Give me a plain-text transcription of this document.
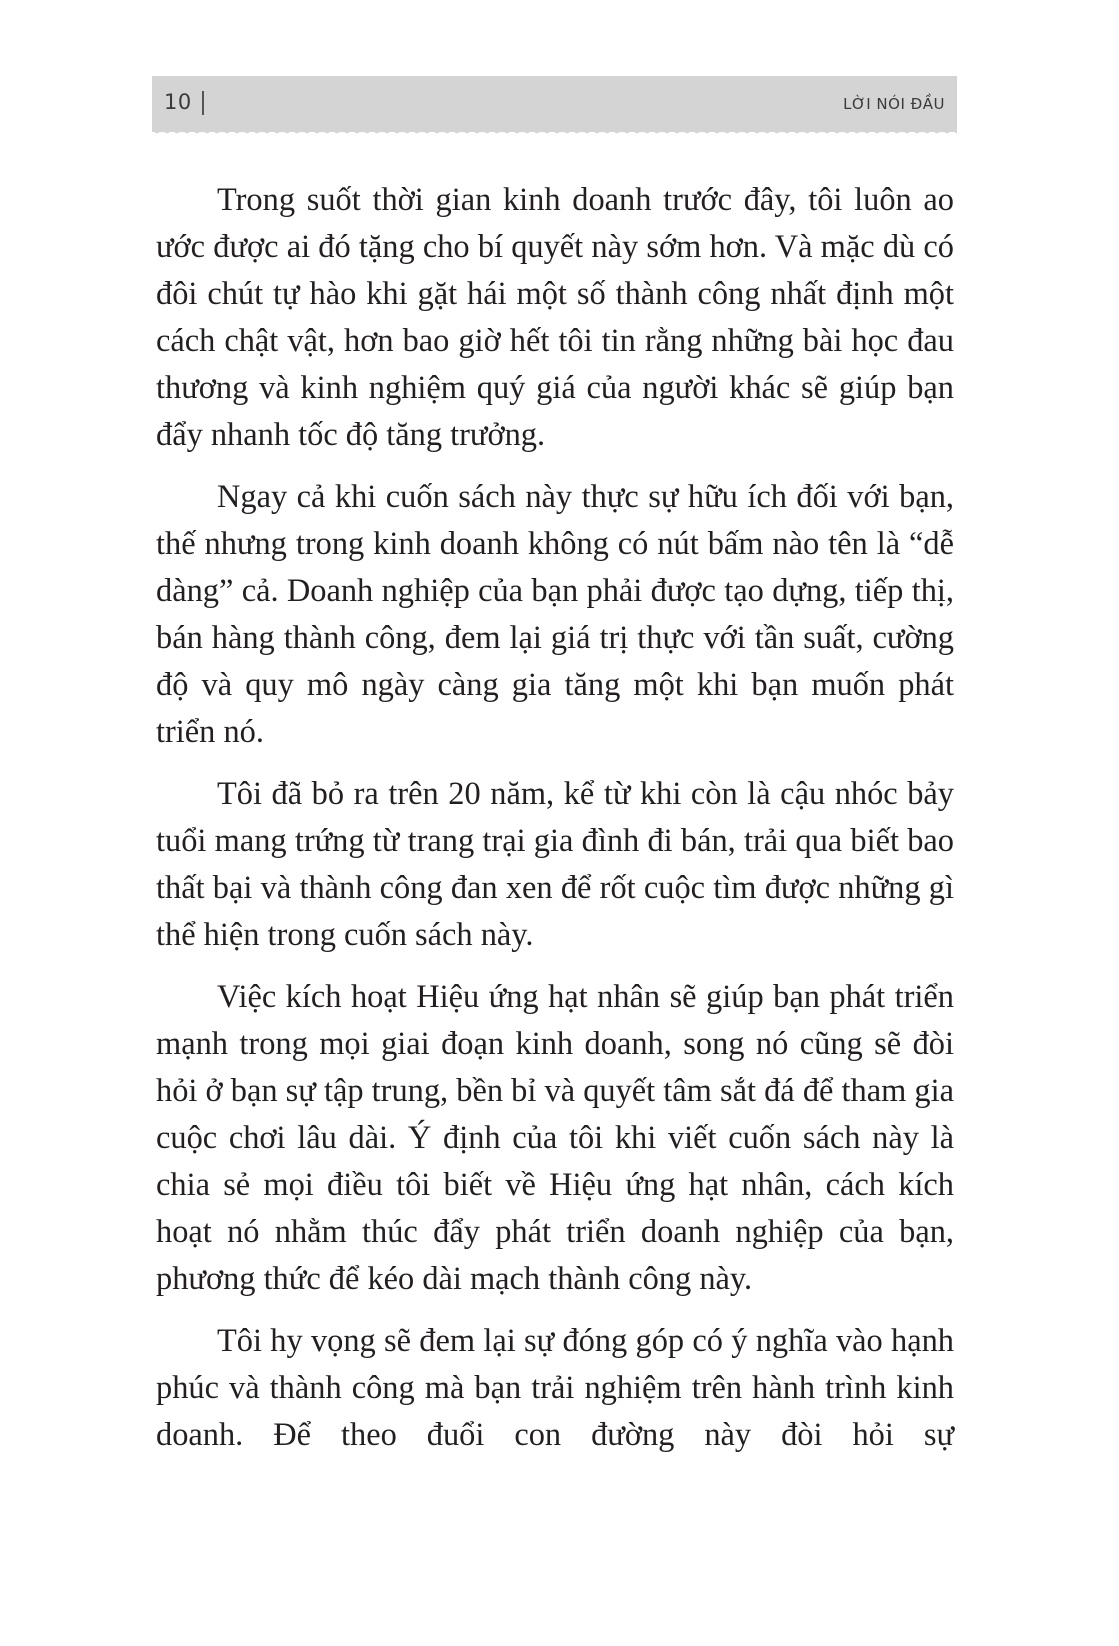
10	LỜI NÓI ĐẦU

Trong suốt thời gian kinh doanh trước đây, tôi luôn ao ước được ai đó tặng cho bí quyết này sớm hơn. Và mặc dù có đôi chút tự hào khi gặt hái một số thành công nhất định một cách chật vật, hơn bao giờ hết tôi tin rằng những bài học đau thương và kinh nghiệm quý giá của người khác sẽ giúp bạn đẩy nhanh tốc độ tăng trưởng.

Ngay cả khi cuốn sách này thực sự hữu ích đối với bạn, thế nhưng trong kinh doanh không có nút bấm nào tên là “dễ dàng” cả. Doanh nghiệp của bạn phải được tạo dựng, tiếp thị, bán hàng thành công, đem lại giá trị thực với tần suất, cường độ và quy mô ngày càng gia tăng một khi bạn muốn phát triển nó.

Tôi đã bỏ ra trên 20 năm, kể từ khi còn là cậu nhóc bảy tuổi mang trứng từ trang trại gia đình đi bán, trải qua biết bao thất bại và thành công đan xen để rốt cuộc tìm được những gì thể hiện trong cuốn sách này.

Việc kích hoạt Hiệu ứng hạt nhân sẽ giúp bạn phát triển mạnh trong mọi giai đoạn kinh doanh, song nó cũng sẽ đòi hỏi ở bạn sự tập trung, bền bỉ và quyết tâm sắt đá để tham gia cuộc chơi lâu dài. Ý định của tôi khi viết cuốn sách này là chia sẻ mọi điều tôi biết về Hiệu ứng hạt nhân, cách kích hoạt nó nhằm thúc đẩy phát triển doanh nghiệp của bạn, phương thức để kéo dài mạch thành công này.

Tôi hy vọng sẽ đem lại sự đóng góp có ý nghĩa vào hạnh phúc và thành công mà bạn trải nghiệm trên hành trình kinh doanh. Để theo đuổi con đường này đòi hỏi sự
